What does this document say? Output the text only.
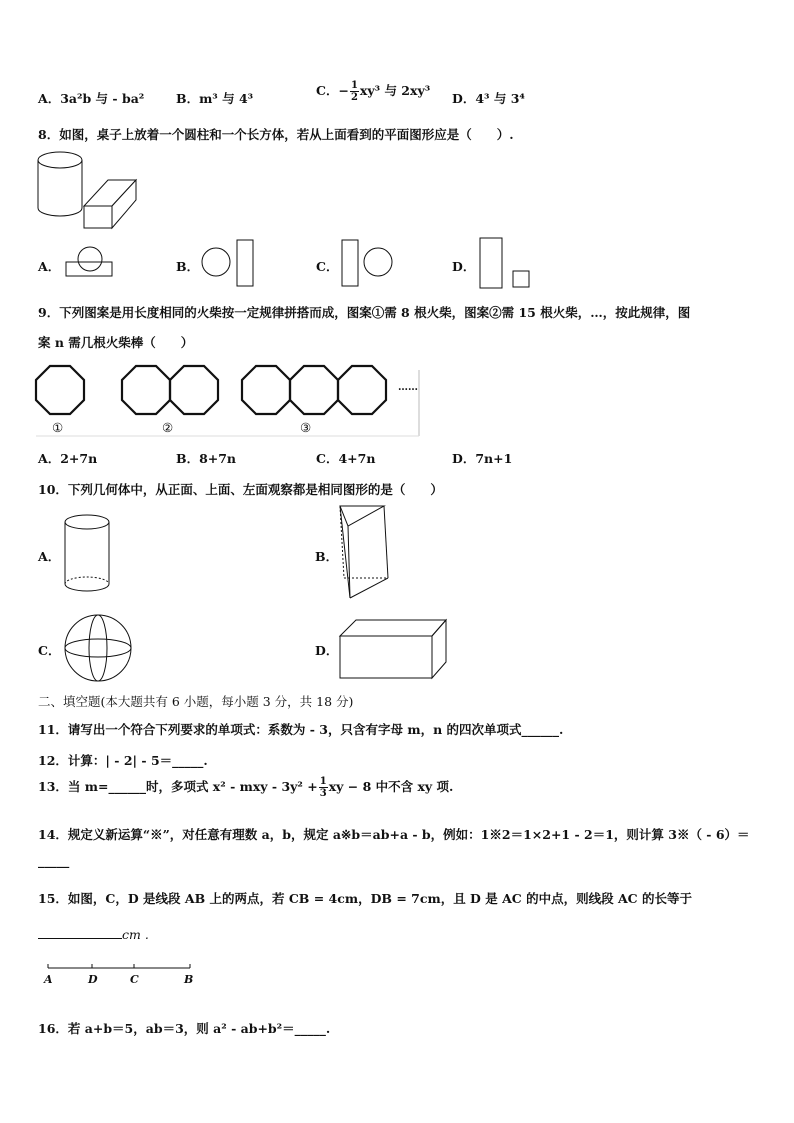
A．3a²b 与 - ba²	B．m³ 与 4³
C．− $\frac{1}{2} xy^3$ 与 2xy³
D．4³ 与 3⁴
8．如图，桌子上放着一个圆柱和一个长方体，若从上面看到的平面图形应是（　　）.
A．	B．	C．	D．
9．下列图案是用长度相同的火柴按一定规律拼搭而成，图案①需 8 根火柴，图案②需 15 根火柴，…，按此规律，图
案 n 需几根火柴棒（　　）
……
①	②	③
A．2+7n	B．8+7n	C．4+7n	D．7n+1
10．下列几何体中，从正面、上面、左面观察都是相同图形的是（　　）
A．	B．
C．	D．
二、填空题(本大题共有 6 小题，每小题 3 分，共 18 分)
11．请写出一个符合下列要求的单项式：系数为 - 3，只含有字母 m，n 的四次单项式______.
12．计算：| - 2| - 5＝_____.
13．当 m=______时，多项式 x² - mxy - $3y^2 + \frac{1}{3}$ xy − 8 中不含 xy 项.
14．规定义新运算“※”，对任意有理数 a，b，规定 a※b＝ab+a - b，例如：1※2＝1×2+1 - 2＝1，则计算 3※（ - 6）＝
_____
15．如图，C，D 是线段 AB 上的两点，若 CB = 4cm，DB = 7cm，且 D 是 AC 的中点，则线段 AC 的长等于
cm .
A	D	C	B
16．若 a+b＝5，ab＝3，则 a² - ab+b²＝_____.
